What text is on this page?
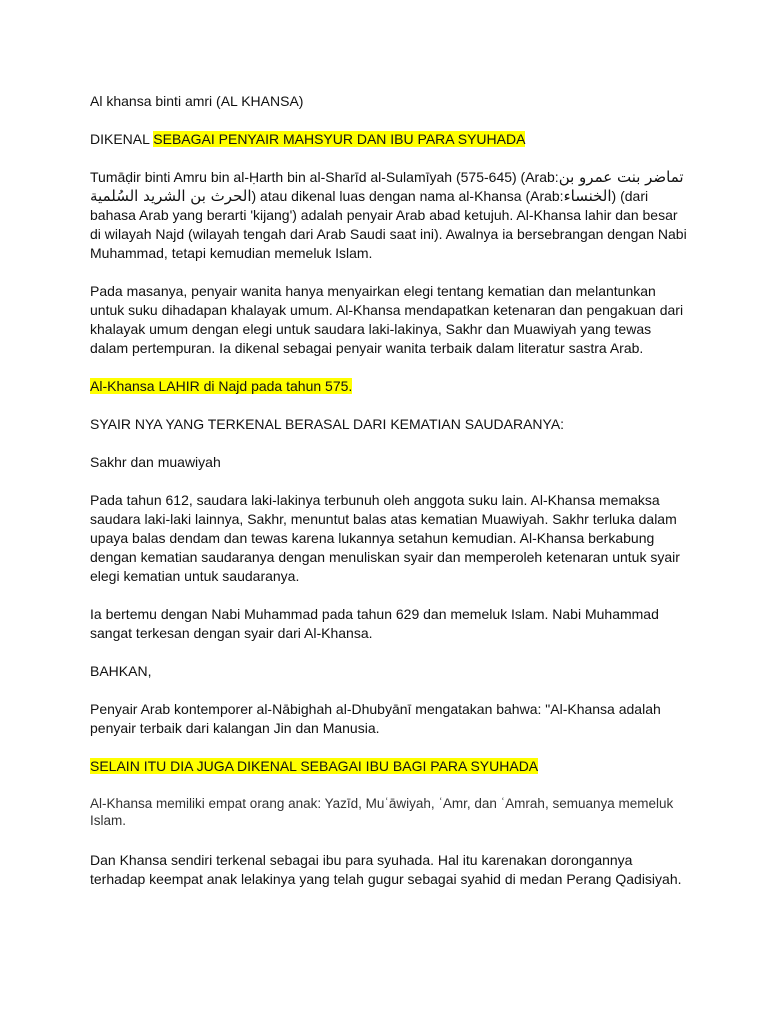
Al khansa binti amri (AL KHANSA)

DIKENAL SEBAGAI PENYAIR MAHSYUR DAN IBU PARA SYUHADA

Tumāḍir binti Amru bin al-Ḥarth bin al-Sharīd al-Sulamīyah (575-645) (Arab:تماضر بنت عمرو بن الحرث بن الشريد السُلمية) atau dikenal luas dengan nama al-Khansa (Arab:الخنساء) (dari bahasa Arab yang berarti 'kijang') adalah penyair Arab abad ketujuh. Al-Khansa lahir dan besar di wilayah Najd (wilayah tengah dari Arab Saudi saat ini). Awalnya ia bersebrangan dengan Nabi Muhammad, tetapi kemudian memeluk Islam.

Pada masanya, penyair wanita hanya menyairkan elegi tentang kematian dan melantunkan untuk suku dihadapan khalayak umum. Al-Khansa mendapatkan ketenaran dan pengakuan dari khalayak umum dengan elegi untuk saudara laki-lakinya, Sakhr dan Muawiyah yang tewas dalam pertempuran. Ia dikenal sebagai penyair wanita terbaik dalam literatur sastra Arab.

Al-Khansa LAHIR di Najd pada tahun 575.

SYAIR NYA YANG TERKENAL BERASAL DARI KEMATIAN SAUDARANYA:

Sakhr dan muawiyah

Pada tahun 612, saudara laki-lakinya terbunuh oleh anggota suku lain. Al-Khansa memaksa saudara laki-laki lainnya, Sakhr, menuntut balas atas kematian Muawiyah. Sakhr terluka dalam upaya balas dendam dan tewas karena lukannya setahun kemudian. Al-Khansa berkabung dengan kematian saudaranya dengan menuliskan syair dan memperoleh ketenaran untuk syair elegi kematian untuk saudaranya.

Ia bertemu dengan Nabi Muhammad pada tahun 629 dan memeluk Islam. Nabi Muhammad sangat terkesan dengan syair dari Al-Khansa.

BAHKAN,

Penyair Arab kontemporer al-Nābighah al-Dhubyānī mengatakan bahwa: "Al-Khansa adalah penyair terbaik dari kalangan Jin dan Manusia.

SELAIN ITU DIA JUGA DIKENAL SEBAGAI IBU BAGI PARA SYUHADA

Al-Khansa memiliki empat orang anak: Yazīd, Muʿāwiyah, ʿAmr, dan ʿAmrah, semuanya memeluk Islam.

Dan Khansa sendiri terkenal sebagai ibu para syuhada. Hal itu karenakan dorongannya terhadap keempat anak lelakinya yang telah gugur sebagai syahid di medan Perang Qadisiyah.
